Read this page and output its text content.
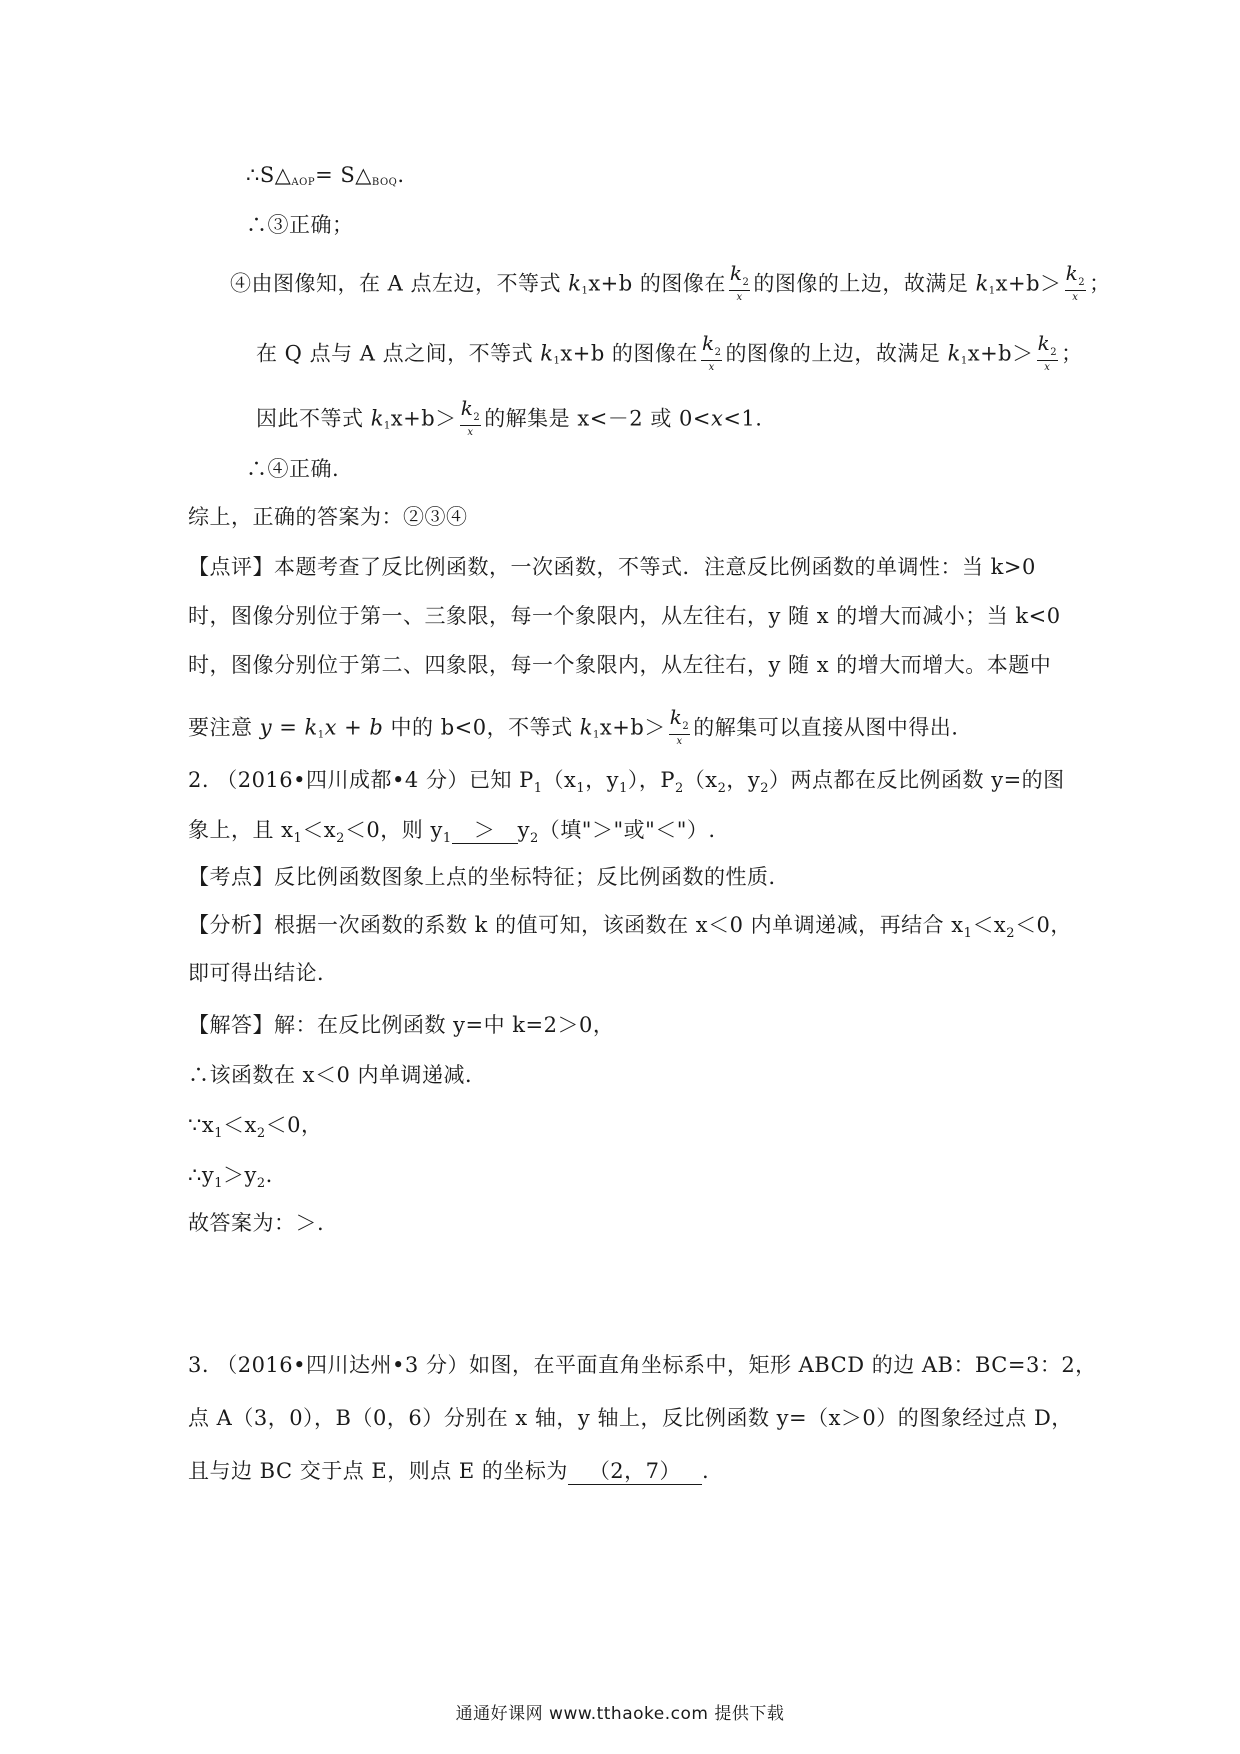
∴S△AOP= S△BOQ.
∴③正确；
④由图像知，在 A 点左边，不等式 k1x+b 的图像在 $\frac{k_2}{x}$ 的图像的上边，故满足 $k1x+b> \frac{k_2}{x}$ ；
在 Q 点与 A 点之间，不等式 k1x+b 的图像在 $\frac{k_2}{x}$ 的图像的上边，故满足 $k1x+b> \frac{k_2}{x}$ ；
因此不等式 $k1x+b> \frac{k_2}{x}$ 的解集是 x<－2 或 0<x<1.
∴④正确.
综上，正确的答案为：②③④
【点评】本题考查了反比例函数，一次函数，不等式．注意反比例函数的单调性：当 k>0
时，图像分别位于第一、三象限，每一个象限内，从左往右，y 随 x 的增大而减小；当 k<0
时，图像分别位于第二、四象限，每一个象限内，从左往右，y 随 x 的增大而增大。本题中
要注意 y = k1x + b 中的 b<0，不等式 $k1x+b> \frac{k_2}{x}$ 的解集可以直接从图中得出.
2. （2016•四川成都•4 分）已知 $P_1(x_1$，$y_1$），$P_2(x_2$，$y_2$）两点都在反比例函数 y=的图
象上，且 $x_1<x_2<0$，则 $y_1 > y_2$（填"＞"或"＜"）.
【考点】反比例函数图象上点的坐标特征；反比例函数的性质．
【分析】根据一次函数的系数 k 的值可知，该函数在 x＜0 内单调递减，再结合 $x_1<x_2<0$，
即可得出结论．
【解答】解：在反比例函数 y=中 k=2＞0，
∴该函数在 x＜0 内单调递减．
$\because x_1<x_2<0$，
$\therefore y_1>y_2$.
故答案为：＞.
3. （2016•四川达州•3 分）如图，在平面直角坐标系中，矩形 ABCD 的边 AB：BC=3：2，
点 A（3，0），B（0，6）分别在 x 轴，y 轴上，反比例函数 y=（x＞0）的图象经过点 D，
且与边 BC 交于点 E，则点 E 的坐标为 （2，7） .
通通好课网 www.tthaoke.com 提供下载
